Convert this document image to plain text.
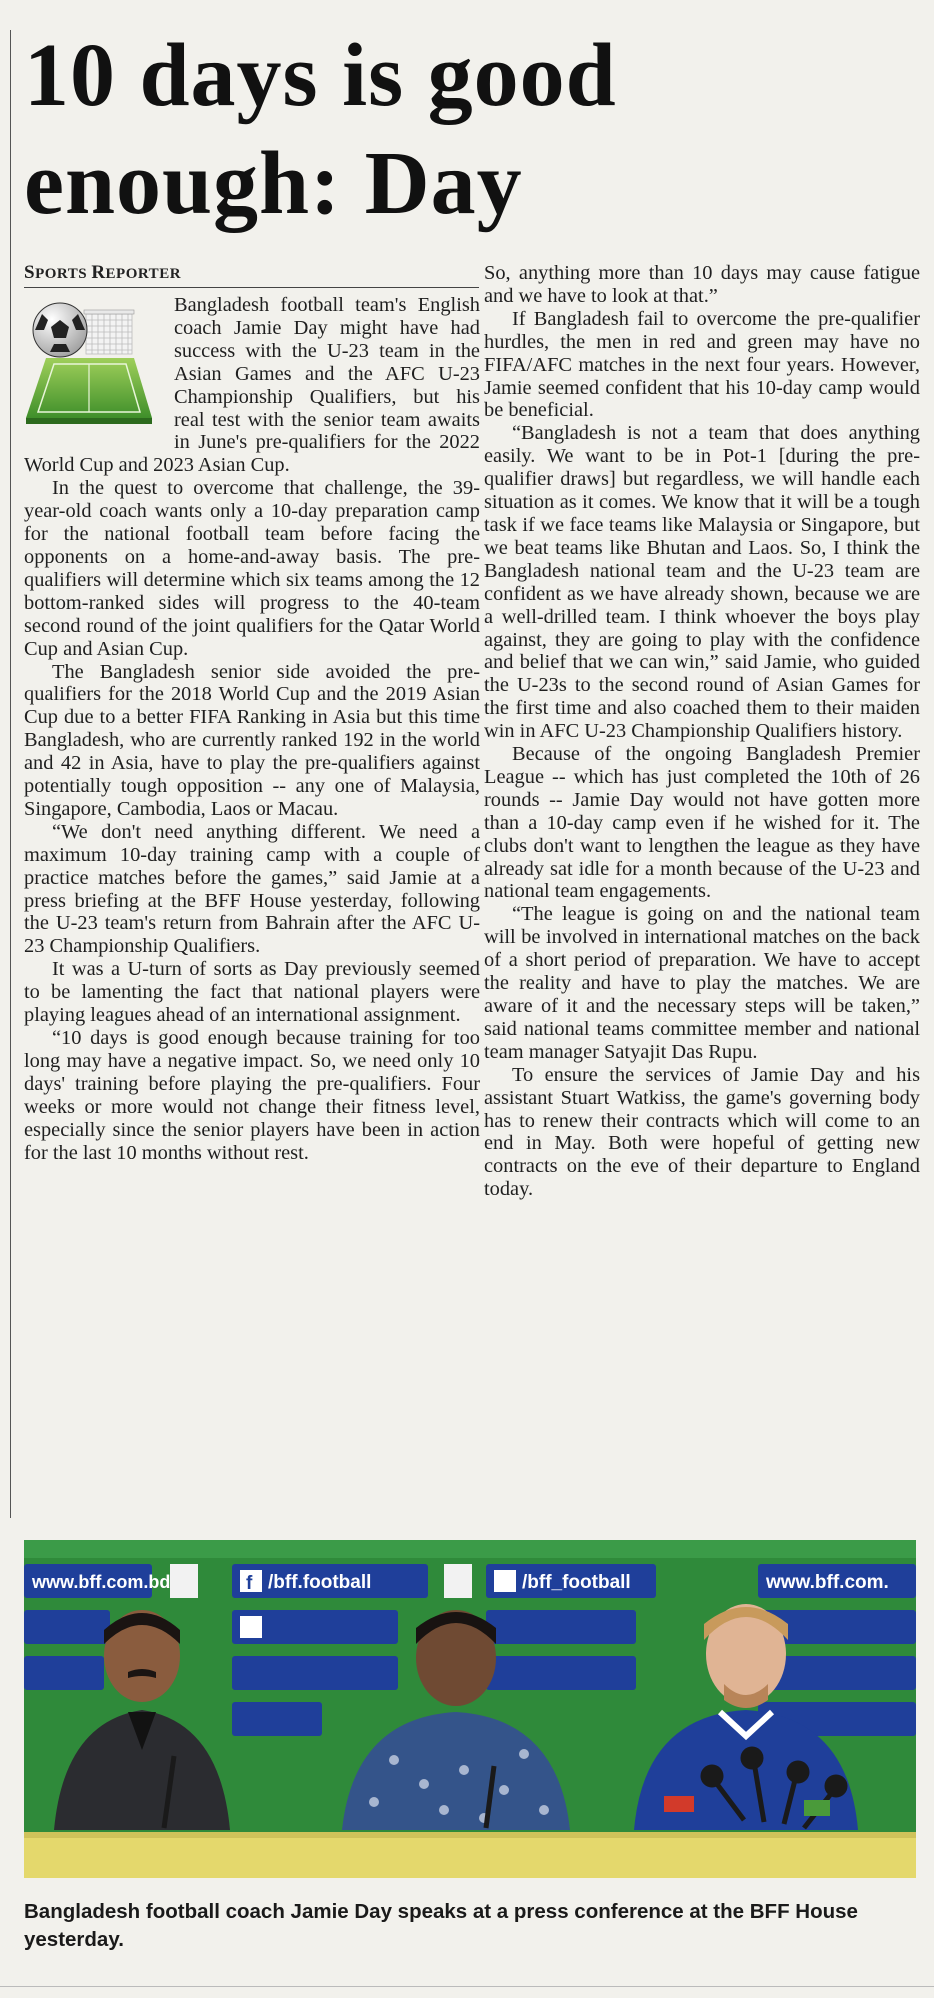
10 days is good enough: Day
SPORTS REPORTER

Bangladesh football team's English coach Jamie Day might have had success with the U-23 team in the Asian Games and the AFC U-23 Championship Qualifiers, but his real test with the senior team awaits in June's pre-qualifiers for the 2022 World Cup and 2023 Asian Cup.

In the quest to overcome that challenge, the 39-year-old coach wants only a 10-day preparation camp for the national football team before facing the opponents on a home-and-away basis. The pre-qualifiers will determine which six teams among the 12 bottom-ranked sides will progress to the 40-team second round of the joint qualifiers for the Qatar World Cup and Asian Cup.

The Bangladesh senior side avoided the pre-qualifiers for the 2018 World Cup and the 2019 Asian Cup due to a better FIFA Ranking in Asia but this time Bangladesh, who are currently ranked 192 in the world and 42 in Asia, have to play the pre-qualifiers against potentially tough opposition -- any one of Malaysia, Singapore, Cambodia, Laos or Macau.

“We don't need anything different. We need a maximum 10-day training camp with a couple of practice matches before the games,” said Jamie at a press briefing at the BFF House yesterday, following the U-23 team's return from Bahrain after the AFC U-23 Championship Qualifiers.

It was a U-turn of sorts as Day previously seemed to be lamenting the fact that national players were playing leagues ahead of an international assignment.

“10 days is good enough because training for too long may have a negative impact. So, we need only 10 days' training before playing the pre-qualifiers. Four weeks or more would not change their fitness level, especially since the senior players have been in action for the last 10 months without rest.

So, anything more than 10 days may cause fatigue and we have to look at that.”

If Bangladesh fail to overcome the pre-qualifier hurdles, the men in red and green may have no FIFA/AFC matches in the next four years. However, Jamie seemed confident that his 10-day camp would be beneficial.

“Bangladesh is not a team that does anything easily. We want to be in Pot-1 [during the pre-qualifier draws] but regardless, we will handle each situation as it comes. We know that it will be a tough task if we face teams like Malaysia or Singapore, but we beat teams like Bhutan and Laos. So, I think the Bangladesh national team and the U-23 team are confident as we have already shown, because we are a well-drilled team. I think whoever the boys play against, they are going to play with the confidence and belief that we can win,” said Jamie, who guided the U-23s to the second round of Asian Games for the first time and also coached them to their maiden win in AFC U-23 Championship Qualifiers history.

Because of the ongoing Bangladesh Premier League -- which has just completed the 10th of 26 rounds -- Jamie Day would not have gotten more than a 10-day camp even if he wished for it. The clubs don't want to lengthen the league as they have already sat idle for a month because of the U-23 and national team engagements.

“The league is going on and the national team will be involved in international matches on the back of a short period of preparation. We have to accept the reality and have to play the matches. We are aware of it and the necessary steps will be taken,” said national teams committee member and national team manager Satyajit Das Rupu.

To ensure the services of Jamie Day and his assistant Stuart Watkiss, the game's governing body has to renew their contracts which will come to an end in May. Both were hopeful of getting new contracts on the eve of their departure to England today.

www.bff.com.bd	f /bff.football	/bff_football	www.bff.com.

Bangladesh football coach Jamie Day speaks at a press conference at the BFF House yesterday.
